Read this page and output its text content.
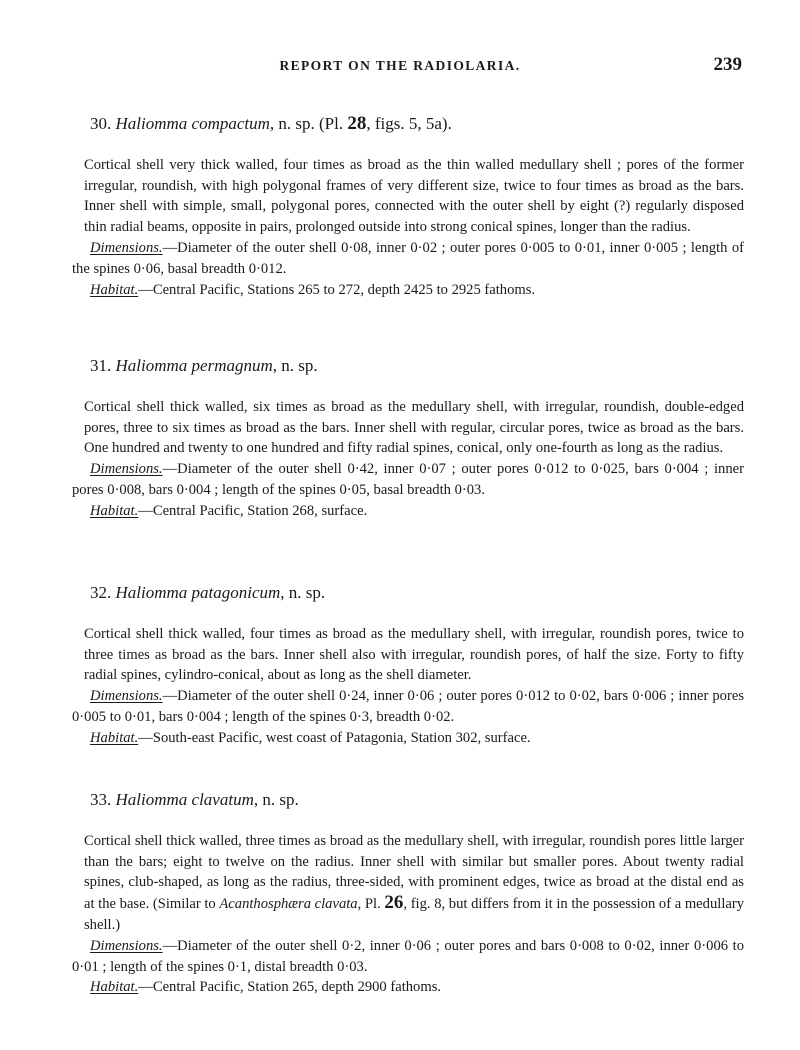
REPORT ON THE RADIOLARIA.	239
30. Haliomma compactum, n. sp. (Pl. 28, figs. 5, 5a).

Cortical shell very thick walled, four times as broad as the thin walled medullary shell ; pores of the former irregular, roundish, with high polygonal frames of very different size, twice to four times as broad as the bars. Inner shell with simple, small, polygonal pores, connected with the outer shell by eight (?) regularly disposed thin radial beams, opposite in pairs, prolonged outside into strong conical spines, longer than the radius.

Dimensions.—Diameter of the outer shell 0·08, inner 0·02 ; outer pores 0·005 to 0·01, inner 0·005 ; length of the spines 0·06, basal breadth 0·012.

Habitat.—Central Pacific, Stations 265 to 272, depth 2425 to 2925 fathoms.

31. Haliomma permagnum, n. sp.

Cortical shell thick walled, six times as broad as the medullary shell, with irregular, roundish, double-edged pores, three to six times as broad as the bars. Inner shell with regular, circular pores, twice as broad as the bars. One hundred and twenty to one hundred and fifty radial spines, conical, only one-fourth as long as the radius.

Dimensions.—Diameter of the outer shell 0·42, inner 0·07 ; outer pores 0·012 to 0·025, bars 0·004 ; inner pores 0·008, bars 0·004 ; length of the spines 0·05, basal breadth 0·03.

Habitat.—Central Pacific, Station 268, surface.

32. Haliomma patagonicum, n. sp.

Cortical shell thick walled, four times as broad as the medullary shell, with irregular, roundish pores, twice to three times as broad as the bars. Inner shell also with irregular, roundish pores, of half the size. Forty to fifty radial spines, cylindro-conical, about as long as the shell diameter.

Dimensions.—Diameter of the outer shell 0·24, inner 0·06 ; outer pores 0·012 to 0·02, bars 0·006 ; inner pores 0·005 to 0·01, bars 0·004 ; length of the spines 0·3, breadth 0·02.

Habitat.—South-east Pacific, west coast of Patagonia, Station 302, surface.

33. Haliomma clavatum, n. sp.

Cortical shell thick walled, three times as broad as the medullary shell, with irregular, roundish pores little larger than the bars; eight to twelve on the radius. Inner shell with similar but smaller pores. About twenty radial spines, club-shaped, as long as the radius, three-sided, with prominent edges, twice as broad at the distal end as at the base. (Similar to Acanthosphæra clavata, Pl. 26, fig. 8, but differs from it in the possession of a medullary shell.)

Dimensions.—Diameter of the outer shell 0·2, inner 0·06 ; outer pores and bars 0·008 to 0·02, inner 0·006 to 0·01 ; length of the spines 0·1, distal breadth 0·03.

Habitat.—Central Pacific, Station 265, depth 2900 fathoms.
